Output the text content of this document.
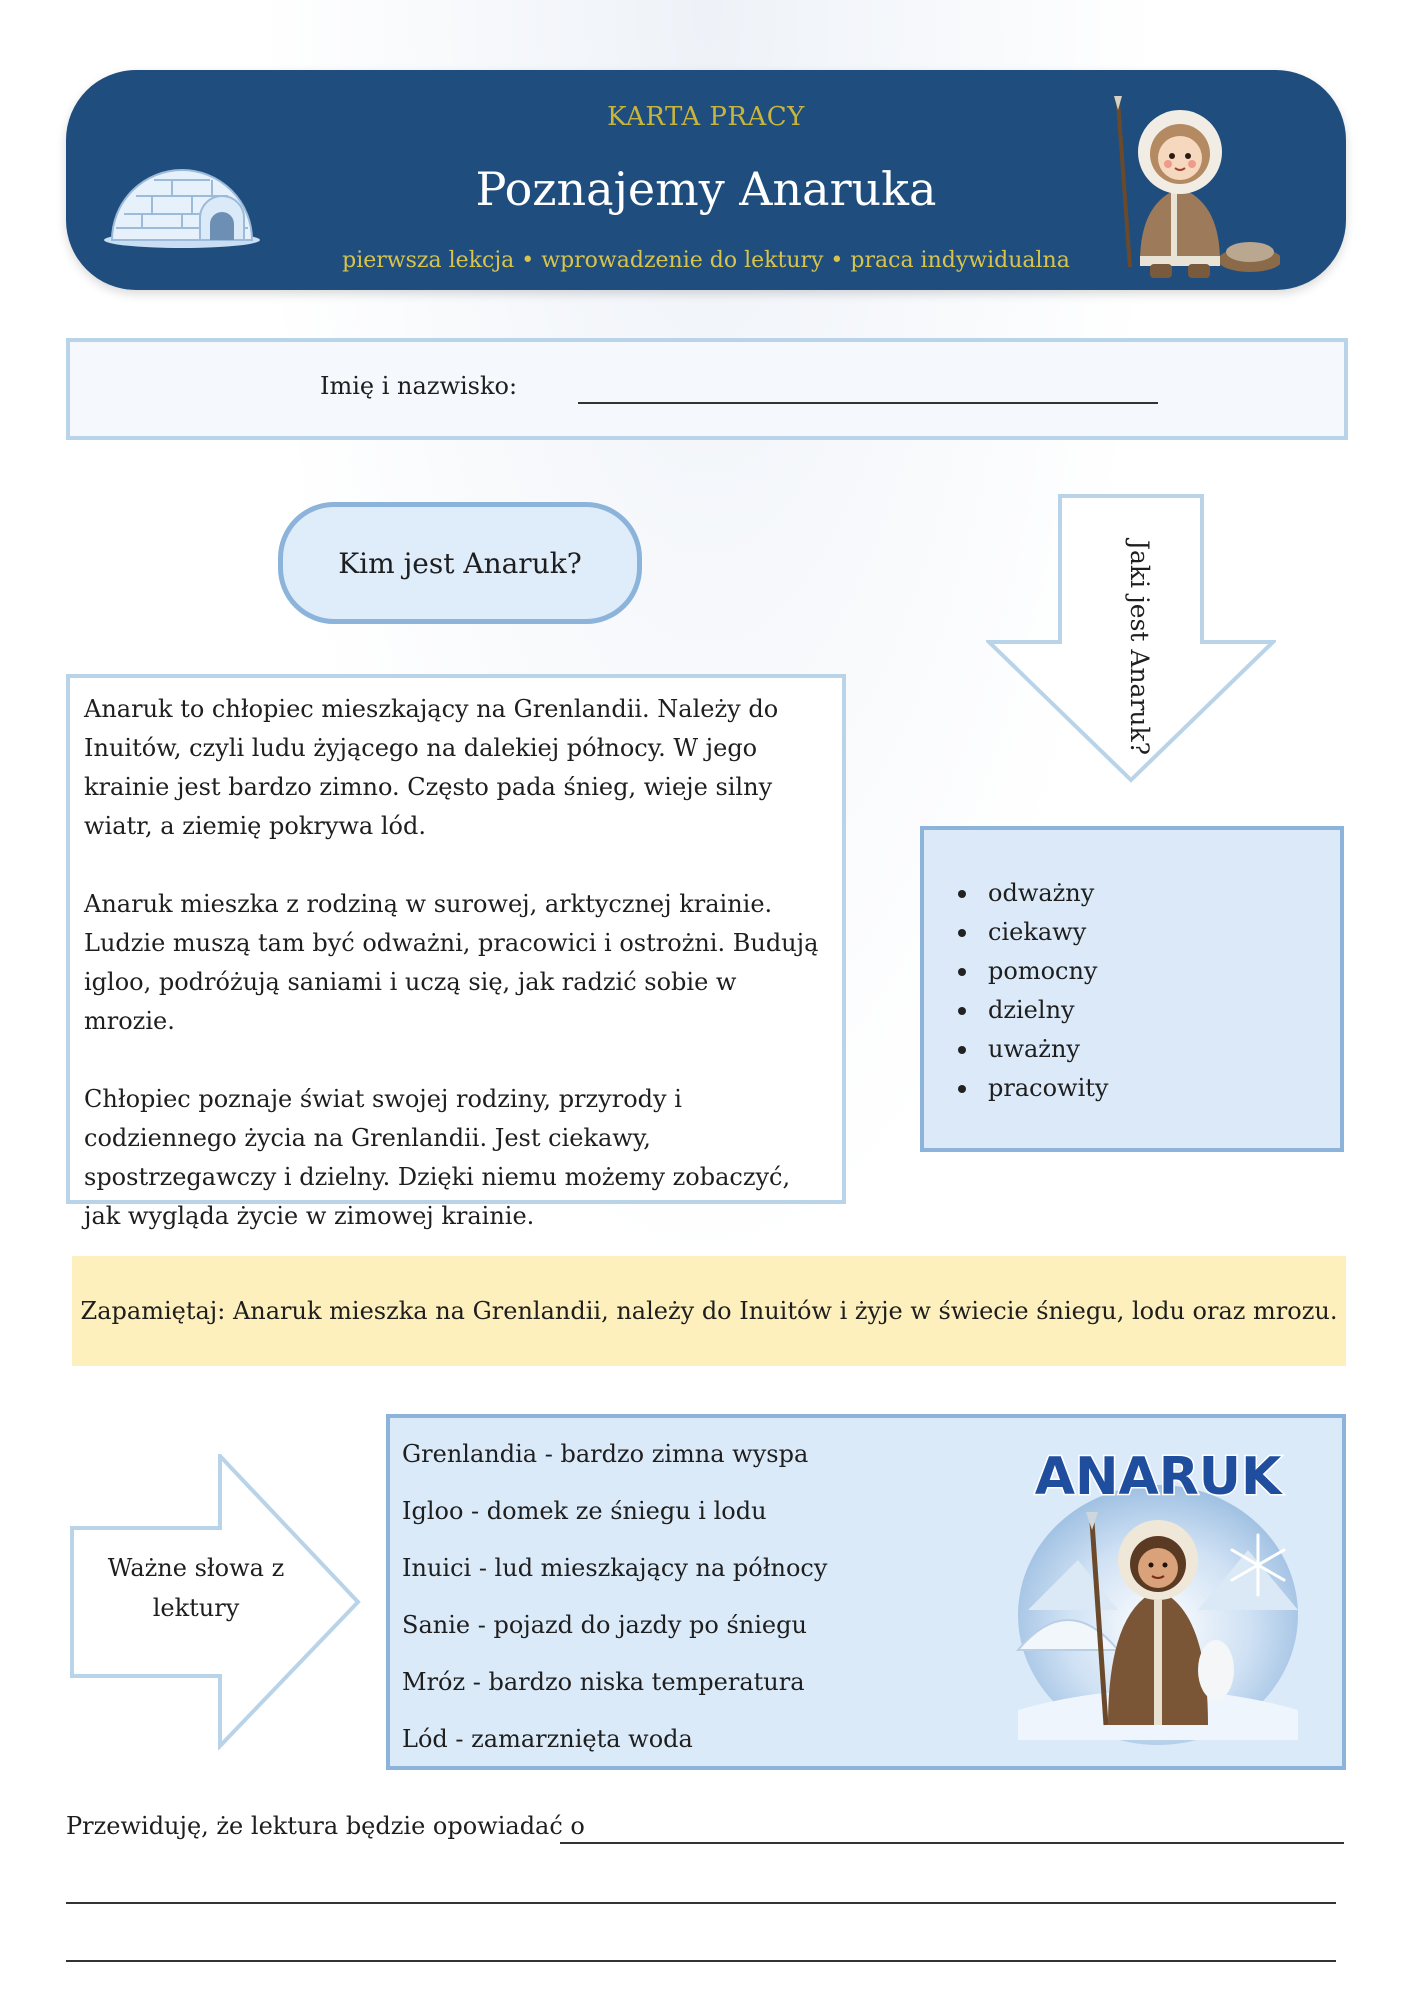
KARTA PRACY
Poznajemy Anaruka
pierwsza lekcja • wprowadzenie do lektury • praca indywidualna
Imię i nazwisko:
Kim jest Anaruk?

Anaruk to chłopiec mieszkający na Grenlandii. Należy do Inuitów, czyli ludu żyjącego na dalekiej północy. W jego krainie jest bardzo zimno. Często pada śnieg, wieje silny wiatr, a ziemię pokrywa lód.

Anaruk mieszka z rodziną w surowej, arktycznej krainie. Ludzie muszą tam być odważni, pracowici i ostrożni. Budują igloo, podróżują saniami i uczą się, jak radzić sobie w mrozie.

Chłopiec poznaje świat swojej rodziny, przyrody i codziennego życia na Grenlandii. Jest ciekawy, spostrzegawczy i dzielny. Dzięki niemu możemy zobaczyć, jak wygląda życie w zimowej krainie.

Jaki jest Anaruk?
odważny
ciekawy
pomocny
dzielny
uważny
pracowity
Zapamiętaj: Anaruk mieszka na Grenlandii, należy do Inuitów i żyje w świecie śniegu, lodu oraz mrozu.
Ważne słowa z lektury
Grenlandia - bardzo zimna wyspa
Igloo - domek ze śniegu i lodu
Inuici - lud mieszkający na północy
Sanie - pojazd do jazdy po śniegu
Mróz - bardzo niska temperatura
Lód - zamarznięta woda
ANARUK
Przewiduję, że lektura będzie opowiadać o
